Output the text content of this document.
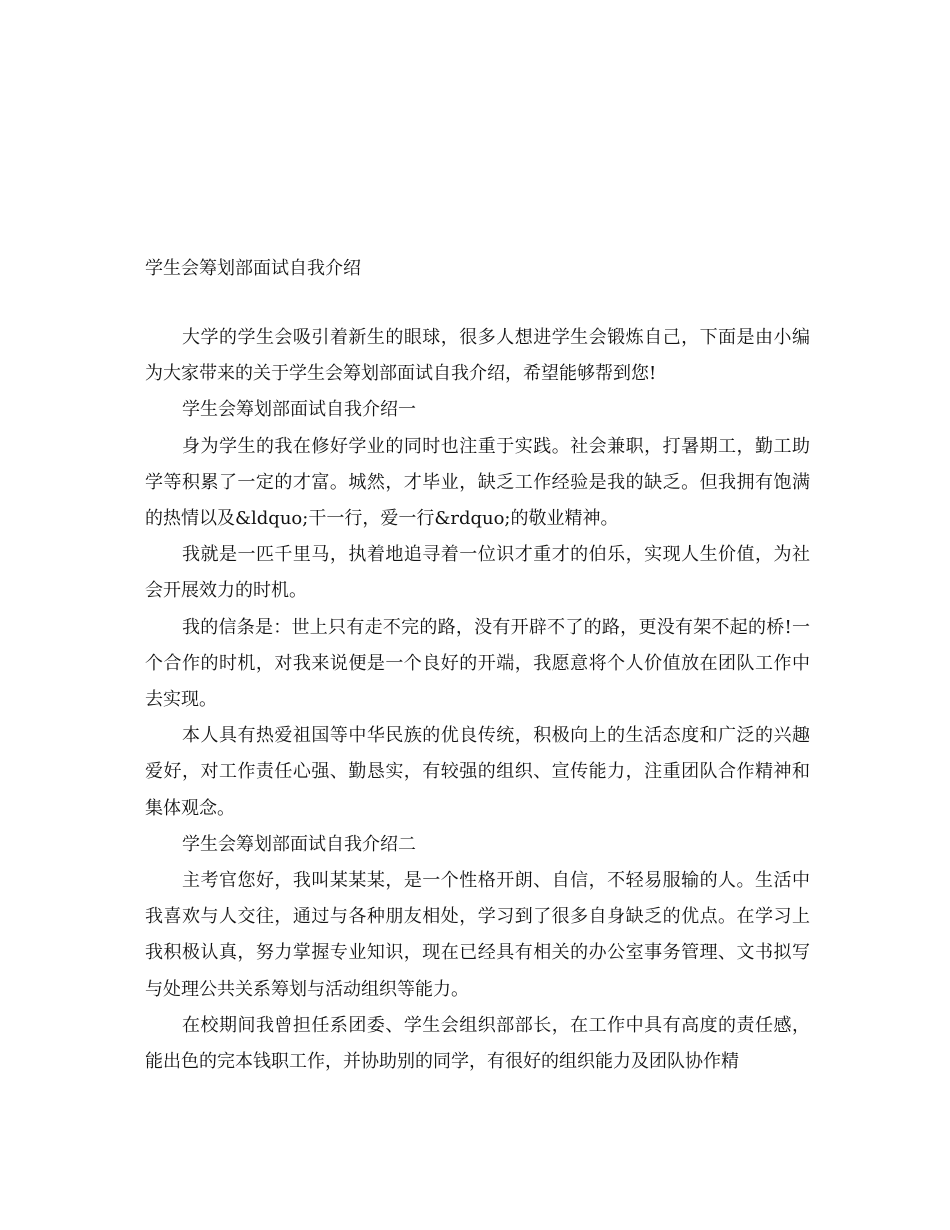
学生会筹划部面试自我介绍

大学的学生会吸引着新生的眼球，很多人想进学生会锻炼自己，下面是由小编为大家带来的关于学生会筹划部面试自我介绍，希望能够帮到您!

学生会筹划部面试自我介绍一

身为学生的我在修好学业的同时也注重于实践。社会兼职，打暑期工，勤工助学等积累了一定的才富。城然，才毕业，缺乏工作经验是我的缺乏。但我拥有饱满的热情以及&ldquo;干一行，爱一行&rdquo;的敬业精神。

我就是一匹千里马，执着地追寻着一位识才重才的伯乐，实现人生价值，为社会开展效力的时机。

我的信条是：世上只有走不完的路，没有开辟不了的路，更没有架不起的桥!一个合作的时机，对我来说便是一个良好的开端，我愿意将个人价值放在团队工作中去实现。

本人具有热爱祖国等中华民族的优良传统，积极向上的生活态度和广泛的兴趣爱好，对工作责任心强、勤恳实，有较强的组织、宣传能力，注重团队合作精神和集体观念。

学生会筹划部面试自我介绍二

主考官您好，我叫某某某，是一个性格开朗、自信，不轻易服输的人。生活中我喜欢与人交往，通过与各种朋友相处，学习到了很多自身缺乏的优点。在学习上我积极认真，努力掌握专业知识，现在已经具有相关的办公室事务管理、文书拟写与处理公共关系筹划与活动组织等能力。

在校期间我曾担任系团委、学生会组织部部长，在工作中具有高度的责任感，能出色的完本钱职工作，并协助别的同学，有很好的组织能力及团队协作精
